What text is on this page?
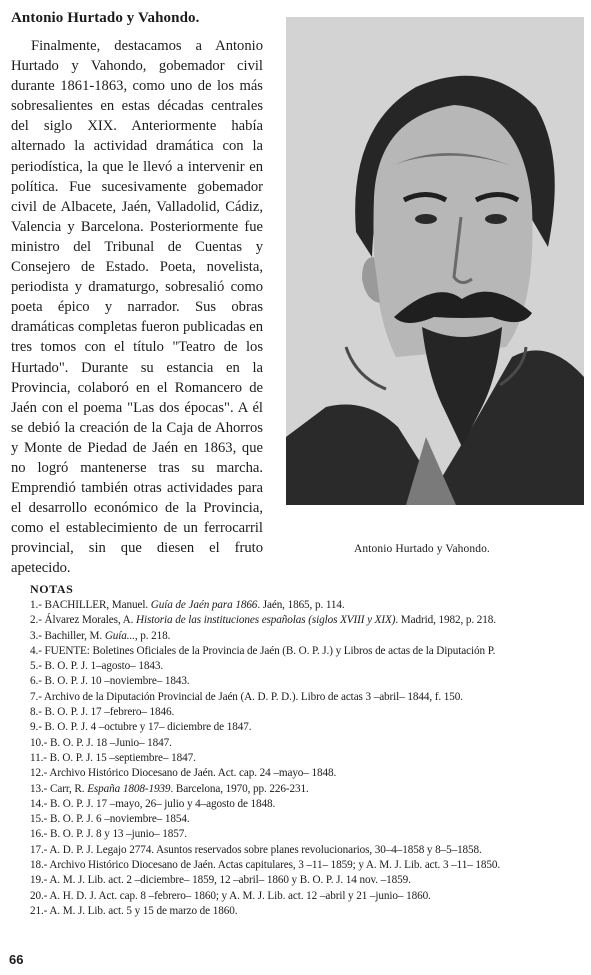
Antonio Hurtado y Vahondo.

Finalmente, destacamos a Antonio Hurtado y Vahondo, gobemador civil durante 1861-1863, como uno de los más sobresalientes en estas décadas centrales del siglo XIX. Anteriormente había alternado la actividad dramática con la periodística, la que le llevó a intervenir en política. Fue sucesivamente gobemador civil de Albacete, Jaén, Valladolid, Cádiz, Valencia y Barcelona. Posteriormente fue ministro del Tribunal de Cuentas y Consejero de Estado. Poeta, novelista, periodista y dramaturgo, sobresalió como poeta épico y narrador. Sus obras dramáticas completas fueron publicadas en tres tomos con el título "Teatro de los Hurtado". Durante su estancia en la Provincia, colaboró en el Romancero de Jaén con el poema "Las dos épocas". A él se debió la creación de la Caja de Ahorros y Monte de Piedad de Jaén en 1863, que no logró mantenerse tras su marcha. Emprendió también otras actividades para el desarrollo económico de la Provincia, como el establecimiento de un ferrocarril provincial, sin que diesen el fruto apetecido.

Antonio Hurtado y Vahondo.
NOTAS
1.- BACHILLER, Manuel. Guía de Jaén para 1866. Jaén, 1865, p. 114.
2.- Álvarez Morales, A. Historia de las instituciones españolas (siglos XVIII y XIX). Madrid, 1982, p. 218.
3.- Bachiller, M. Guía..., p. 218.
4.- FUENTE: Boletines Oficiales de la Provincia de Jaén (B. O. P. J.) y Libros de actas de la Diputación P.
5.- B. O. P. J. 1–agosto– 1843.
6.- B. O. P. J. 10 –noviembre– 1843.
7.- Archivo de la Diputación Provincial de Jaén (A. D. P. D.). Libro de actas 3 –abril– 1844, f. 150.
8.- B. O. P. J. 17 –febrero– 1846.
9.- B. O. P. J. 4 –octubre y 17– diciembre de 1847.
10.- B. O. P. J. 18 –Junio– 1847.
11.- B. O. P. J. 15 –septiembre– 1847.
12.- Archivo Histórico Diocesano de Jaén. Act. cap. 24 –mayo– 1848.
13.- Carr, R. España 1808-1939. Barcelona, 1970, pp. 226-231.
14.- B. O. P. J. 17 –mayo, 26– julio y 4–agosto de 1848.
15.- B. O. P. J. 6 –noviembre– 1854.
16.- B. O. P. J. 8 y 13 –junio– 1857.
17.- A. D. P. J. Legajo 2774. Asuntos reservados sobre planes revolucionarios, 30–4–1858 y 8–5–1858.
18.- Archivo Histórico Diocesano de Jaén. Actas capitulares, 3 –11– 1859; y A. M. J. Lib. act. 3 –11– 1850.
19.- A. M. J. Lib. act. 2 –diciembre– 1859, 12 –abril– 1860 y B. O. P. J. 14 nov. –1859.
20.- A. H. D. J. Act. cap. 8 –febrero– 1860; y A. M. J. Lib. act. 12 –abril y 21 –junio– 1860.
21.- A. M. J. Lib. act. 5 y 15 de marzo de 1860.
66
